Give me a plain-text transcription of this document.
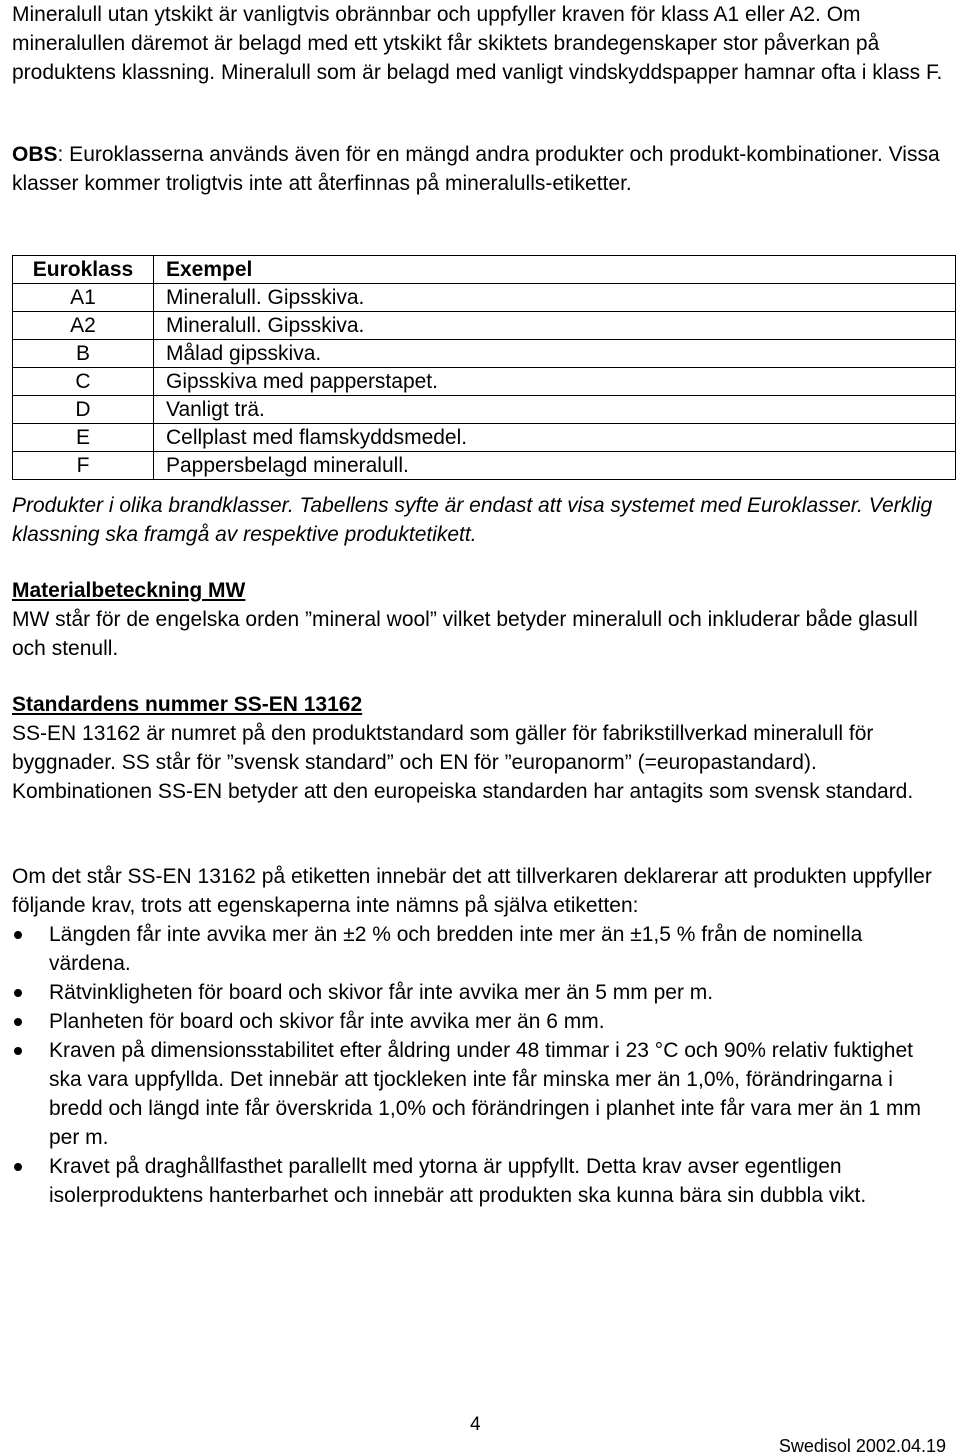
Mineralull utan ytskikt är vanligtvis obrännbar och uppfyller kraven för klass A1 eller A2. Om mineralullen däremot är belagd med ett ytskikt får skiktets brandegenskaper stor påverkan på produktens klassning. Mineralull som är belagd med vanligt vindskyddspapper hamnar ofta i klass F.

OBS: Euroklasserna används även för en mängd andra produkter och produkt-kombinationer. Vissa klasser kommer troligtvis inte att återfinnas på mineralulls-etiketter.

Euroklass	Exempel
A1	Mineralull. Gipsskiva.
A2	Mineralull. Gipsskiva.
B	Målad gipsskiva.
C	Gipsskiva med papperstapet.
D	Vanligt trä.
E	Cellplast med flamskyddsmedel.
F	Pappersbelagd mineralull.

Produkter i olika brandklasser. Tabellens syfte är endast att visa systemet med Euroklasser. Verklig klassning ska framgå av respektive produktetikett.

Materialbeteckning MW

MW står för de engelska orden ”mineral wool” vilket betyder mineralull och inkluderar både glasull och stenull.

Standardens nummer SS-EN 13162

SS-EN 13162 är numret på den produktstandard som gäller för fabrikstillverkad mineralull för byggnader. SS står för ”svensk standard” och EN för ”europanorm” (=europastandard). Kombinationen SS-EN betyder att den europeiska standarden har antagits som svensk standard.

Om det står SS-EN 13162 på etiketten innebär det att tillverkaren deklarerar att produkten uppfyller följande krav, trots att egenskaperna inte nämns på själva etiketten:

Längden får inte avvika mer än ±2 % och bredden inte mer än ±1,5 % från de nominella värdena.
Rätvinkligheten för board och skivor får inte avvika mer än 5 mm per m.
Planheten för board och skivor får inte avvika mer än 6 mm.
Kraven på dimensionsstabilitet efter åldring under 48 timmar i 23 °C och 90% relativ fuktighet ska vara uppfyllda. Det innebär att tjockleken inte får minska mer än 1,0%, förändringarna i bredd och längd inte får överskrida 1,0% och förändringen i planhet inte får vara mer än 1 mm per m.
Kravet på draghållfasthet parallellt med ytorna är uppfyllt. Detta krav avser egentligen isolerproduktens hanterbarhet och innebär att produkten ska kunna bära sin dubbla vikt.
4
Swedisol 2002.04.19
